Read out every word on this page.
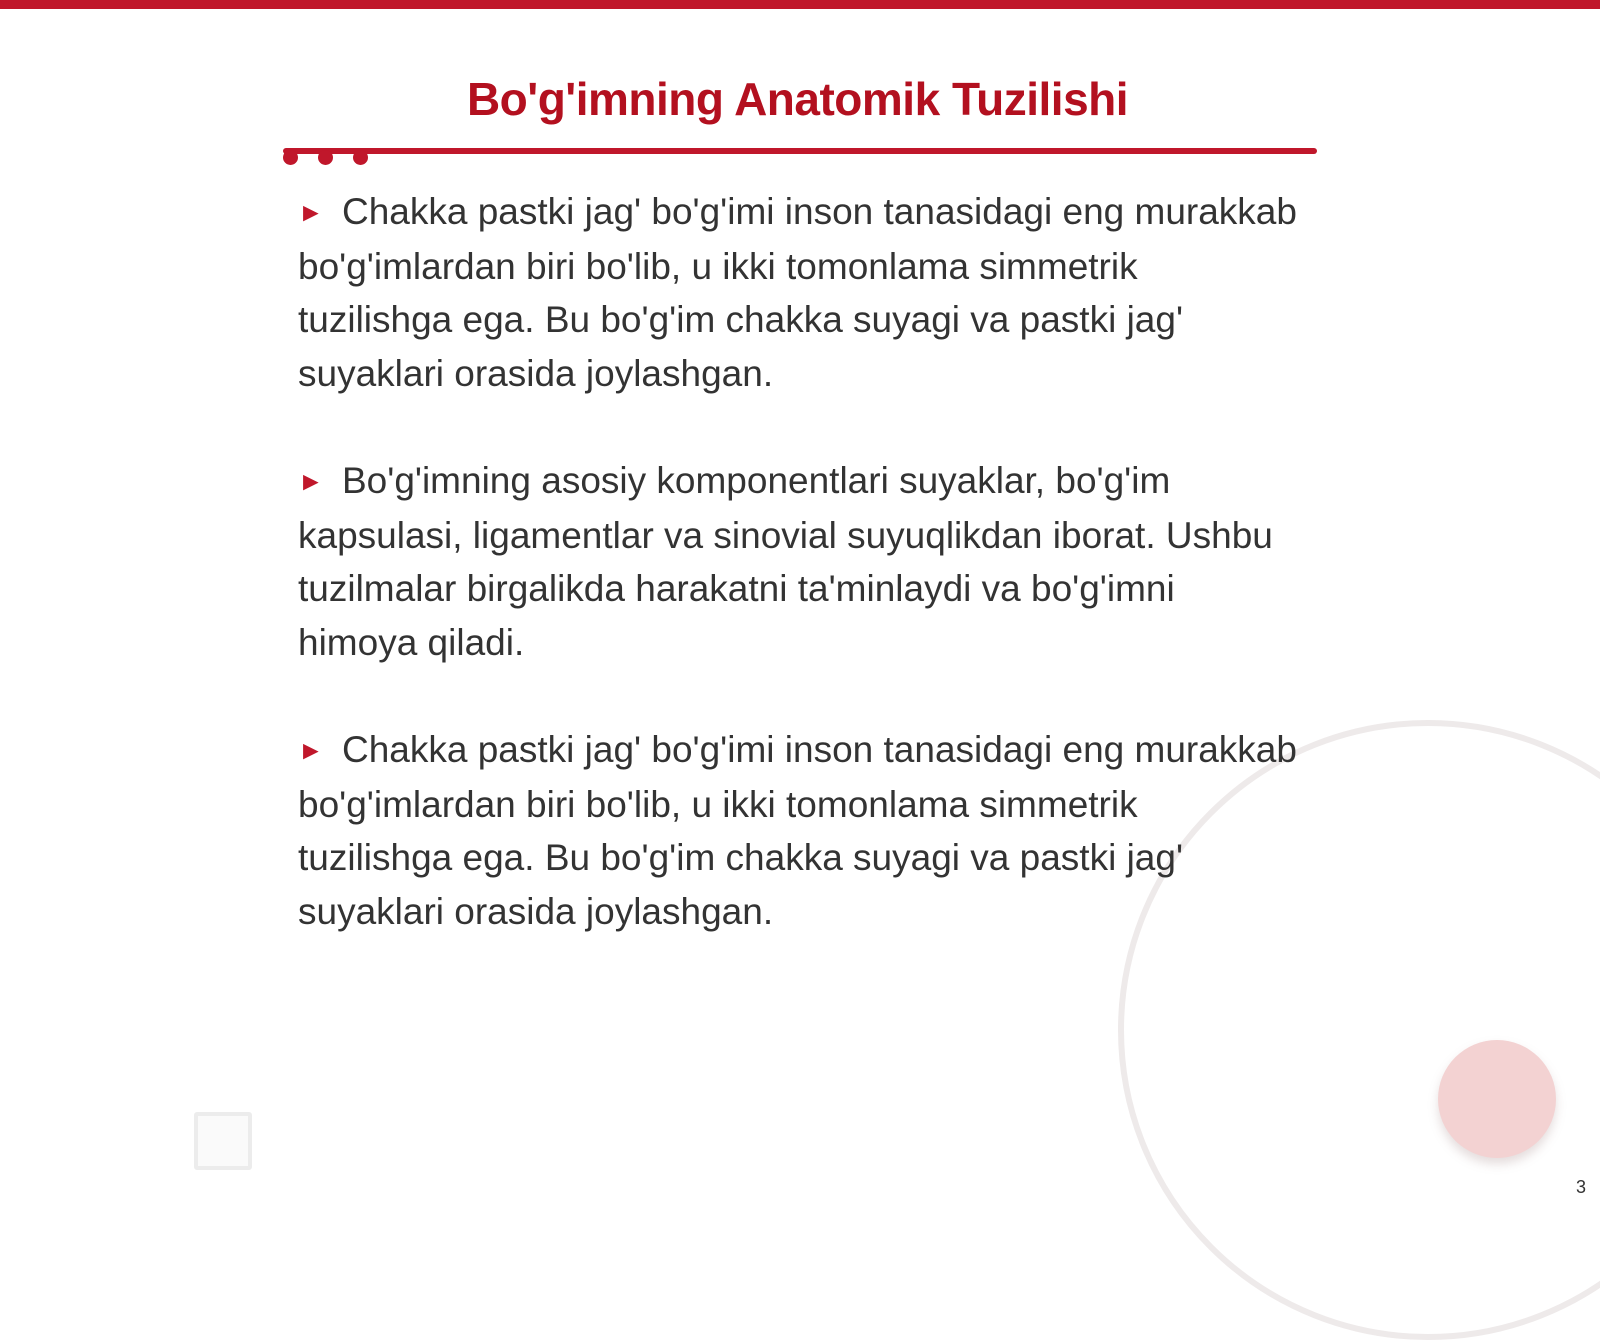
Bo'g'imning Anatomik Tuzilishi

► Chakka pastki jag' bo'g'imi inson tanasidagi eng murakkab bo'g'imlardan biri bo'lib, u ikki tomonlama simmetrik tuzilishga ega. Bu bo'g'im chakka suyagi va pastki jag' suyaklari orasida joylashgan.

► Bo'g'imning asosiy komponentlari suyaklar, bo'g'im kapsulasi, ligamentlar va sinovial suyuqlikdan iborat. Ushbu tuzilmalar birgalikda harakatni ta'minlaydi va bo'g'imni himoya qiladi.

► Chakka pastki jag' bo'g'imi inson tanasidagi eng murakkab bo'g'imlardan biri bo'lib, u ikki tomonlama simmetrik tuzilishga ega. Bu bo'g'im chakka suyagi va pastki jag' suyaklari orasida joylashgan.

3
